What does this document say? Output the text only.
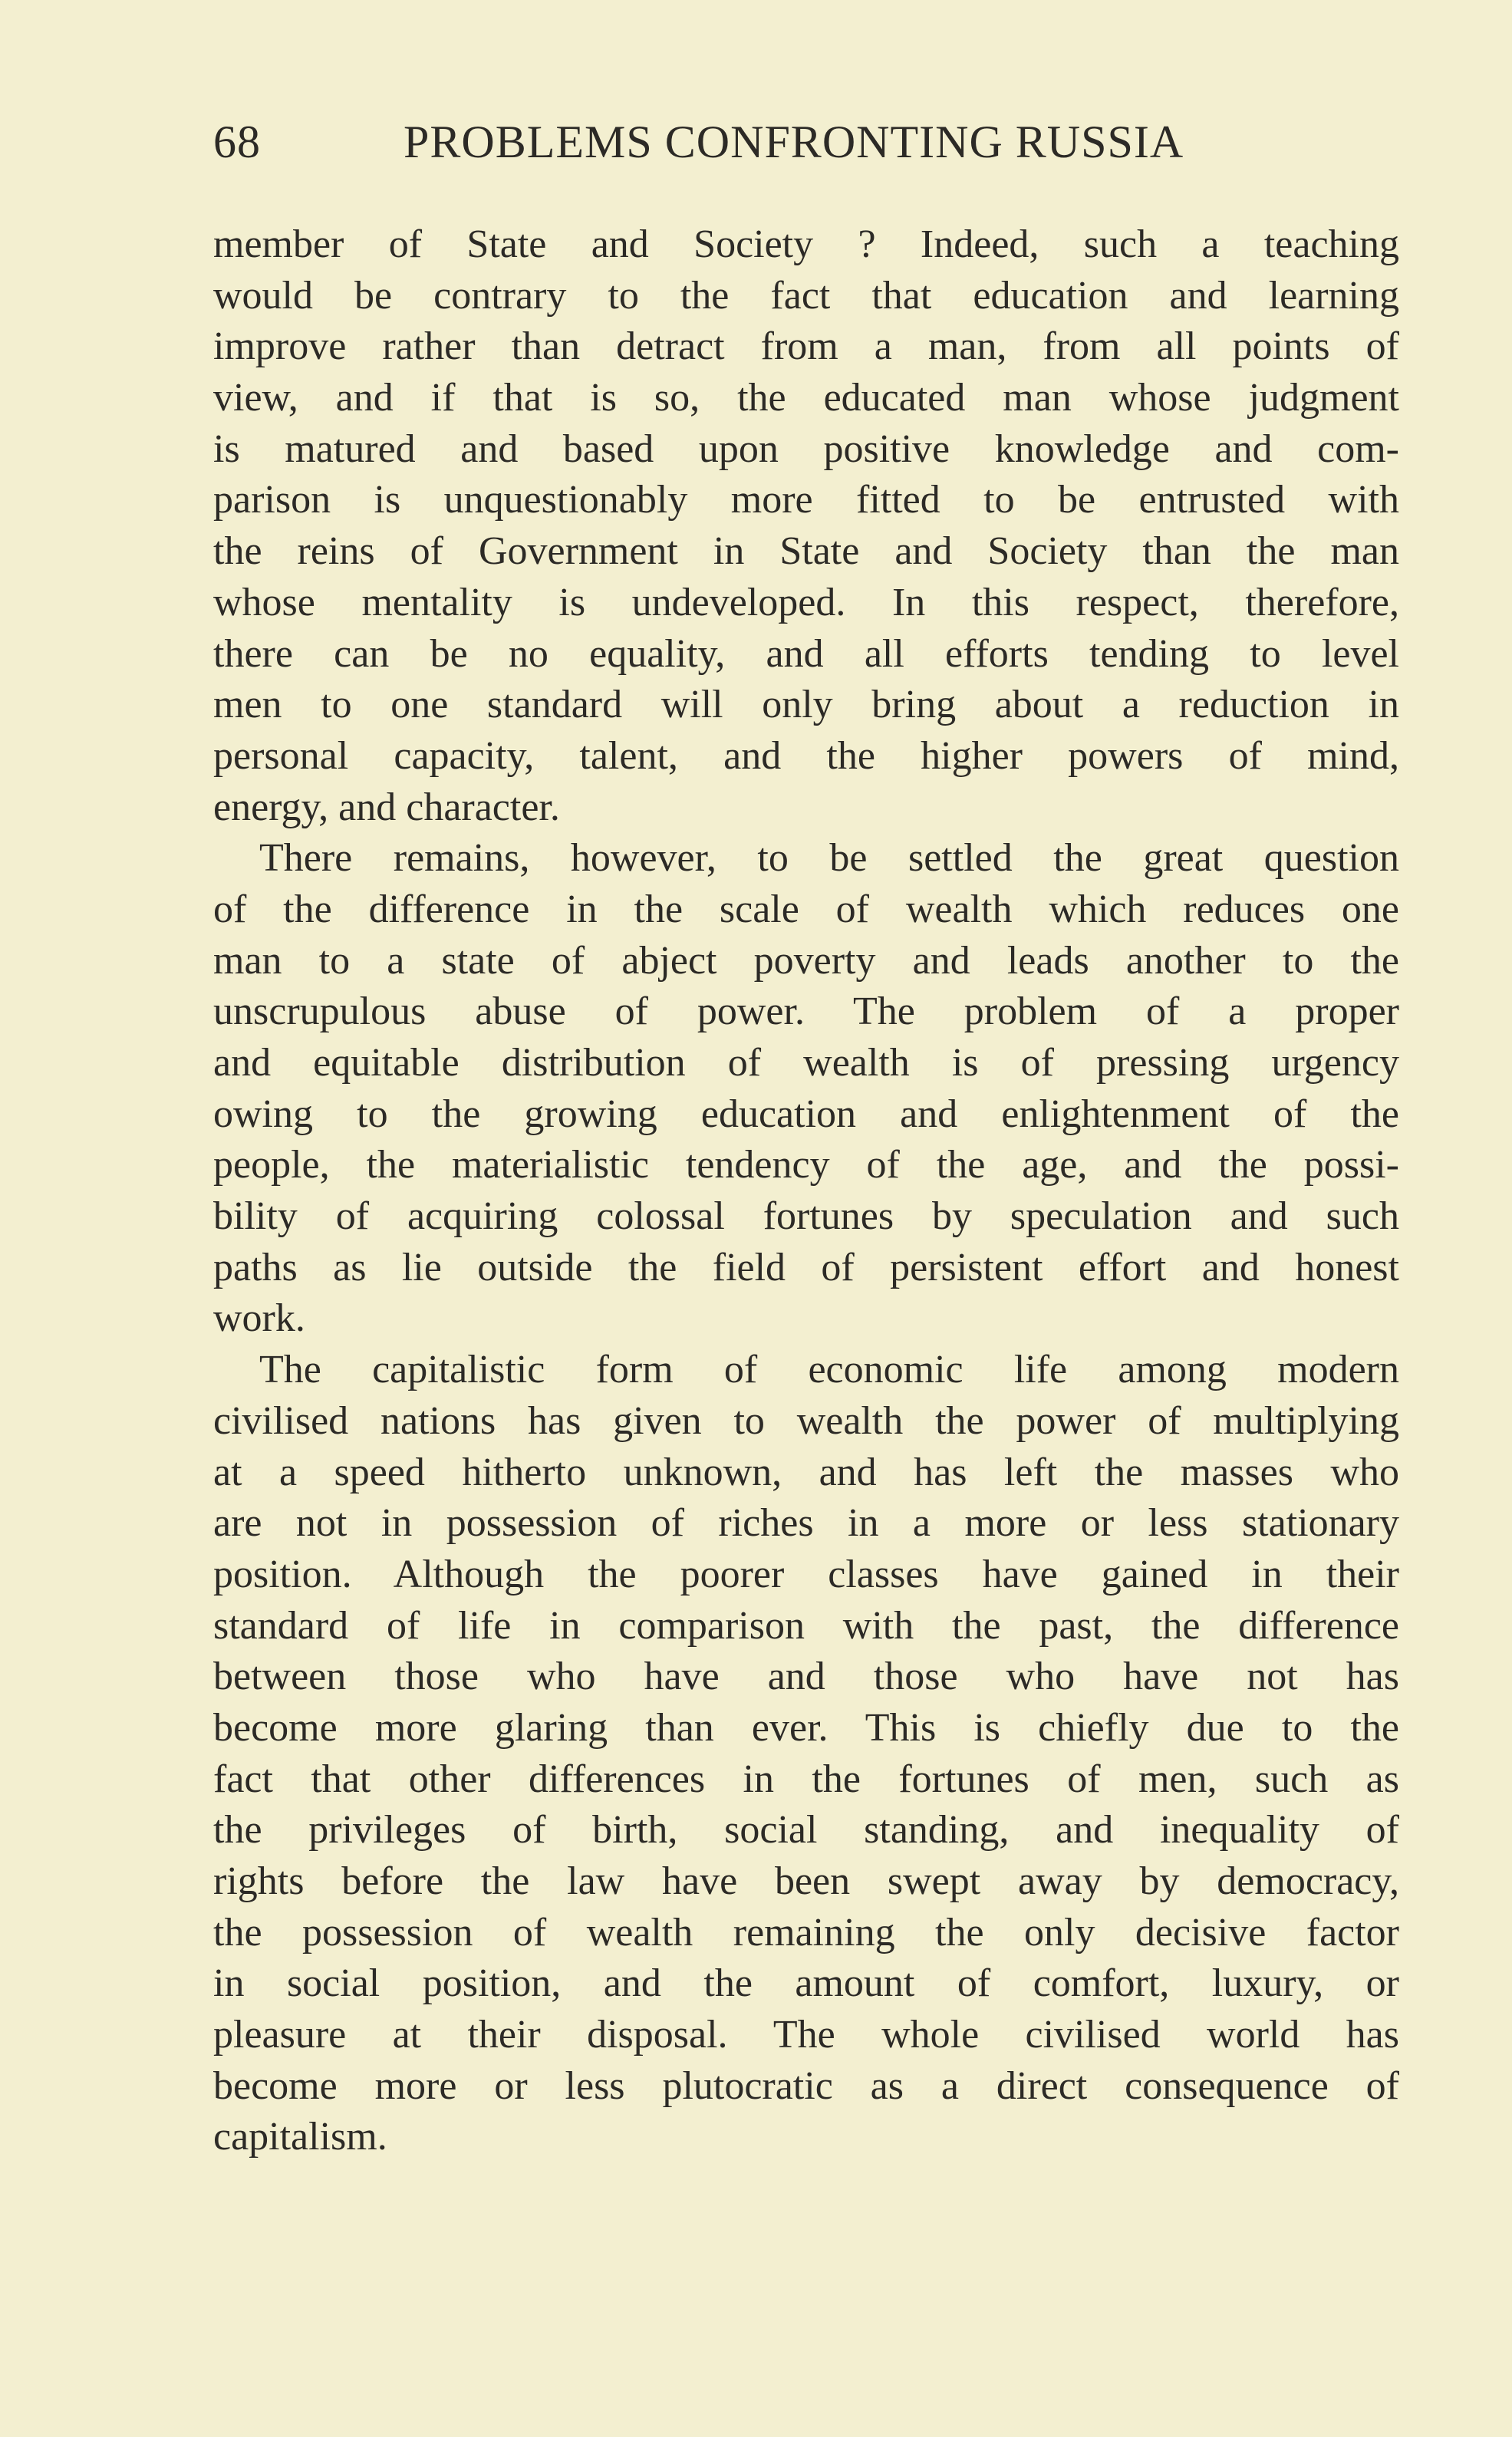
68	PROBLEMS CONFRONTING RUSSIA
member of State and Society ? Indeed, such a teaching
would be contrary to the fact that education and learning
improve rather than detract from a man, from all points of
view, and if that is so, the educated man whose judgment
is matured and based upon positive knowledge and com-
parison is unquestionably more fitted to be entrusted with
the reins of Government in State and Society than the man
whose mentality is undeveloped. In this respect, therefore,
there can be no equality, and all efforts tending to level
men to one standard will only bring about a reduction in
personal capacity, talent, and the higher powers of mind,
energy, and character.
There remains, however, to be settled the great question
of the difference in the scale of wealth which reduces one
man to a state of abject poverty and leads another to the
unscrupulous abuse of power. The problem of a proper
and equitable distribution of wealth is of pressing urgency
owing to the growing education and enlightenment of the
people, the materialistic tendency of the age, and the possi-
bility of acquiring colossal fortunes by speculation and such
paths as lie outside the field of persistent effort and honest
work.
The capitalistic form of economic life among modern
civilised nations has given to wealth the power of multiplying
at a speed hitherto unknown, and has left the masses who
are not in possession of riches in a more or less stationary
position. Although the poorer classes have gained in their
standard of life in comparison with the past, the difference
between those who have and those who have not has
become more glaring than ever. This is chiefly due to the
fact that other differences in the fortunes of men, such as
the privileges of birth, social standing, and inequality of
rights before the law have been swept away by democracy,
the possession of wealth remaining the only decisive factor
in social position, and the amount of comfort, luxury, or
pleasure at their disposal. The whole civilised world has
become more or less plutocratic as a direct consequence of
capitalism.
